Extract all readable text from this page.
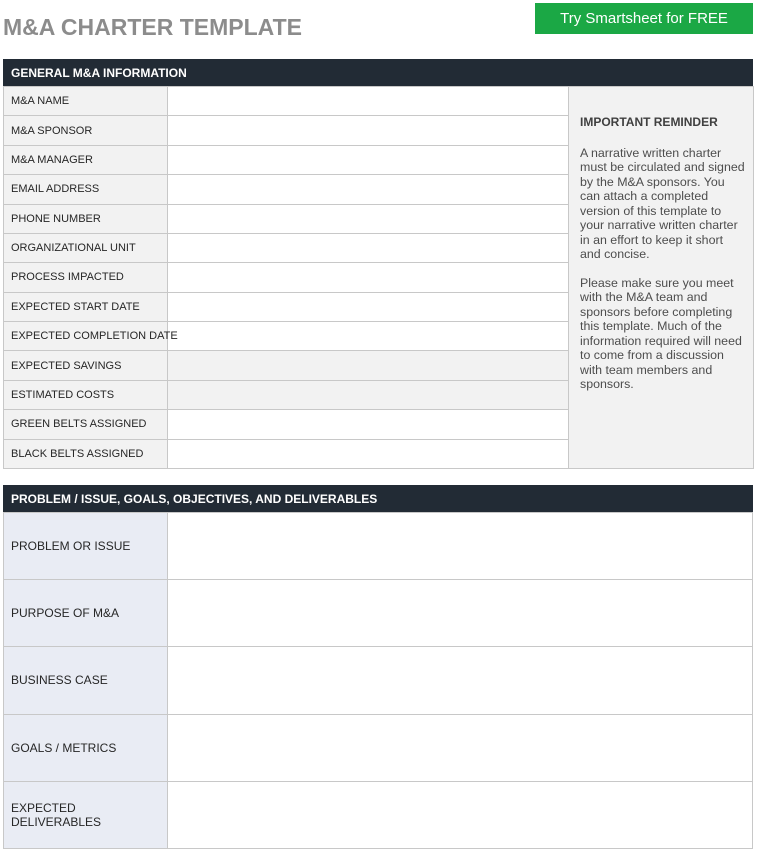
M&A CHARTER TEMPLATE	Try Smartsheet for FREE
GENERAL M&A INFORMATION
M&A NAME		IMPORTANT REMINDER
A narrative written charter must be circulated and signed by the M&A sponsors. You can attach a completed version of this template to your narrative written charter in an effort to keep it short and concise.
Please make sure you meet with the M&A team and sponsors before completing this template. Much of the information required will need to come from a discussion with team members and sponsors.

M&A SPONSOR		
M&A MANAGER		
EMAIL ADDRESS		
PHONE NUMBER		
ORGANIZATIONAL UNIT		
PROCESS IMPACTED		
EXPECTED START DATE		
EXPECTED COMPLETION DATE		
EXPECTED SAVINGS		
ESTIMATED COSTS		
GREEN BELTS ASSIGNED		
BLACK BELTS ASSIGNED		
PROBLEM / ISSUE, GOALS, OBJECTIVES, AND DELIVERABLES
PROBLEM OR ISSUE	
PURPOSE OF M&A	
BUSINESS CASE	
GOALS / METRICS	
EXPECTED DELIVERABLES	
